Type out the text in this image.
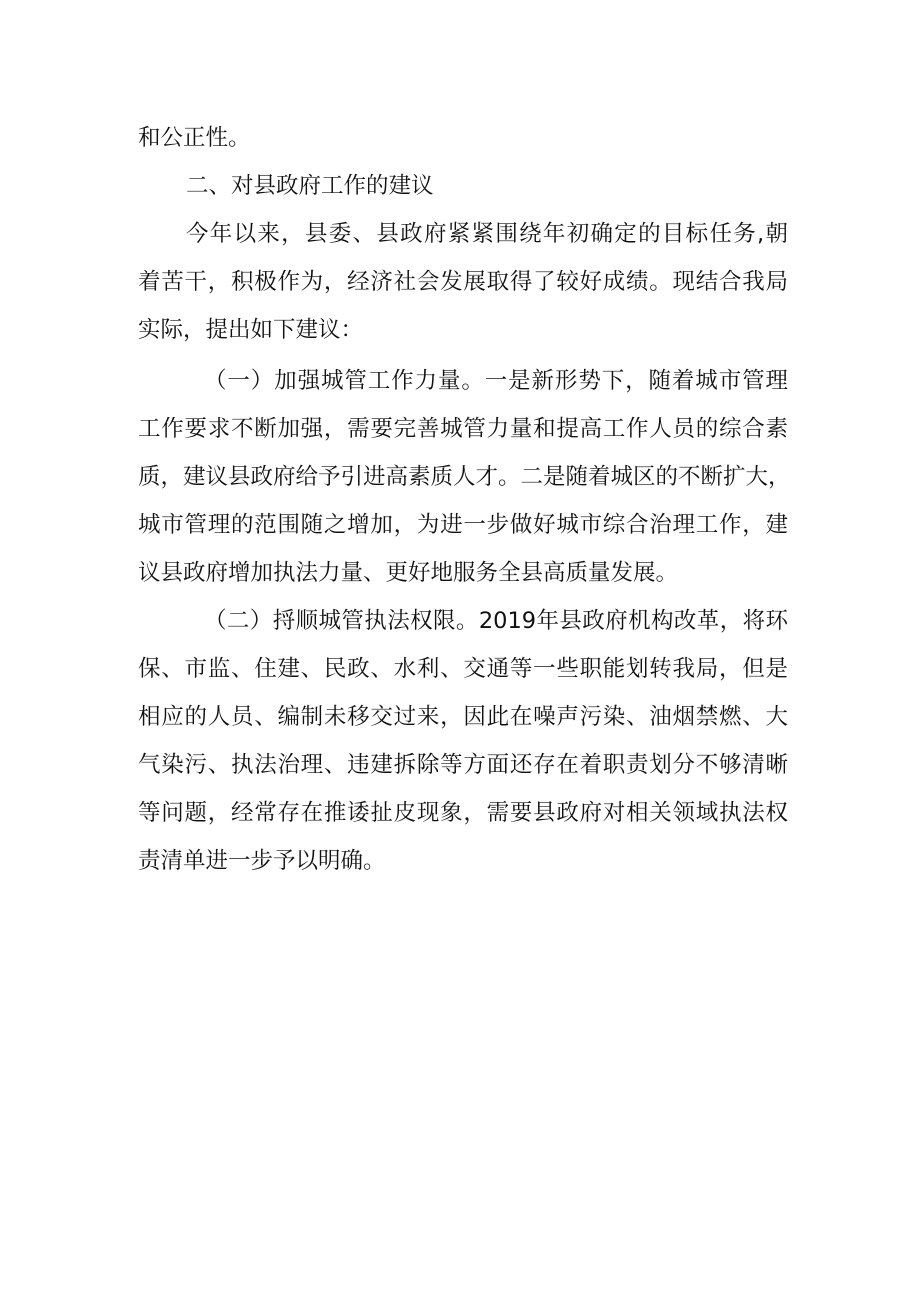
和公正性。
二、对县政府工作的建议
今年以来，县委、县政府紧紧围绕年初确定的目标任务,朝
着苦干，积极作为，经济社会发展取得了较好成绩。现结合我局
实际，提出如下建议：
（一）加强城管工作力量。一是新形势下，随着城市管理
工作要求不断加强，需要完善城管力量和提高工作人员的综合素
质，建议县政府给予引进高素质人才。二是随着城区的不断扩大，
城市管理的范围随之增加，为进一步做好城市综合治理工作，建
议县政府增加执法力量、更好地服务全县高质量发展。
（二）捋顺城管执法权限。2019年县政府机构改革，将环
保、市监、住建、民政、水利、交通等一些职能划转我局，但是
相应的人员、编制未移交过来，因此在噪声污染、油烟禁燃、大
气染污、执法治理、违建拆除等方面还存在着职责划分不够清晰
等问题，经常存在推诿扯皮现象，需要县政府对相关领域执法权
责清单进一步予以明确。
